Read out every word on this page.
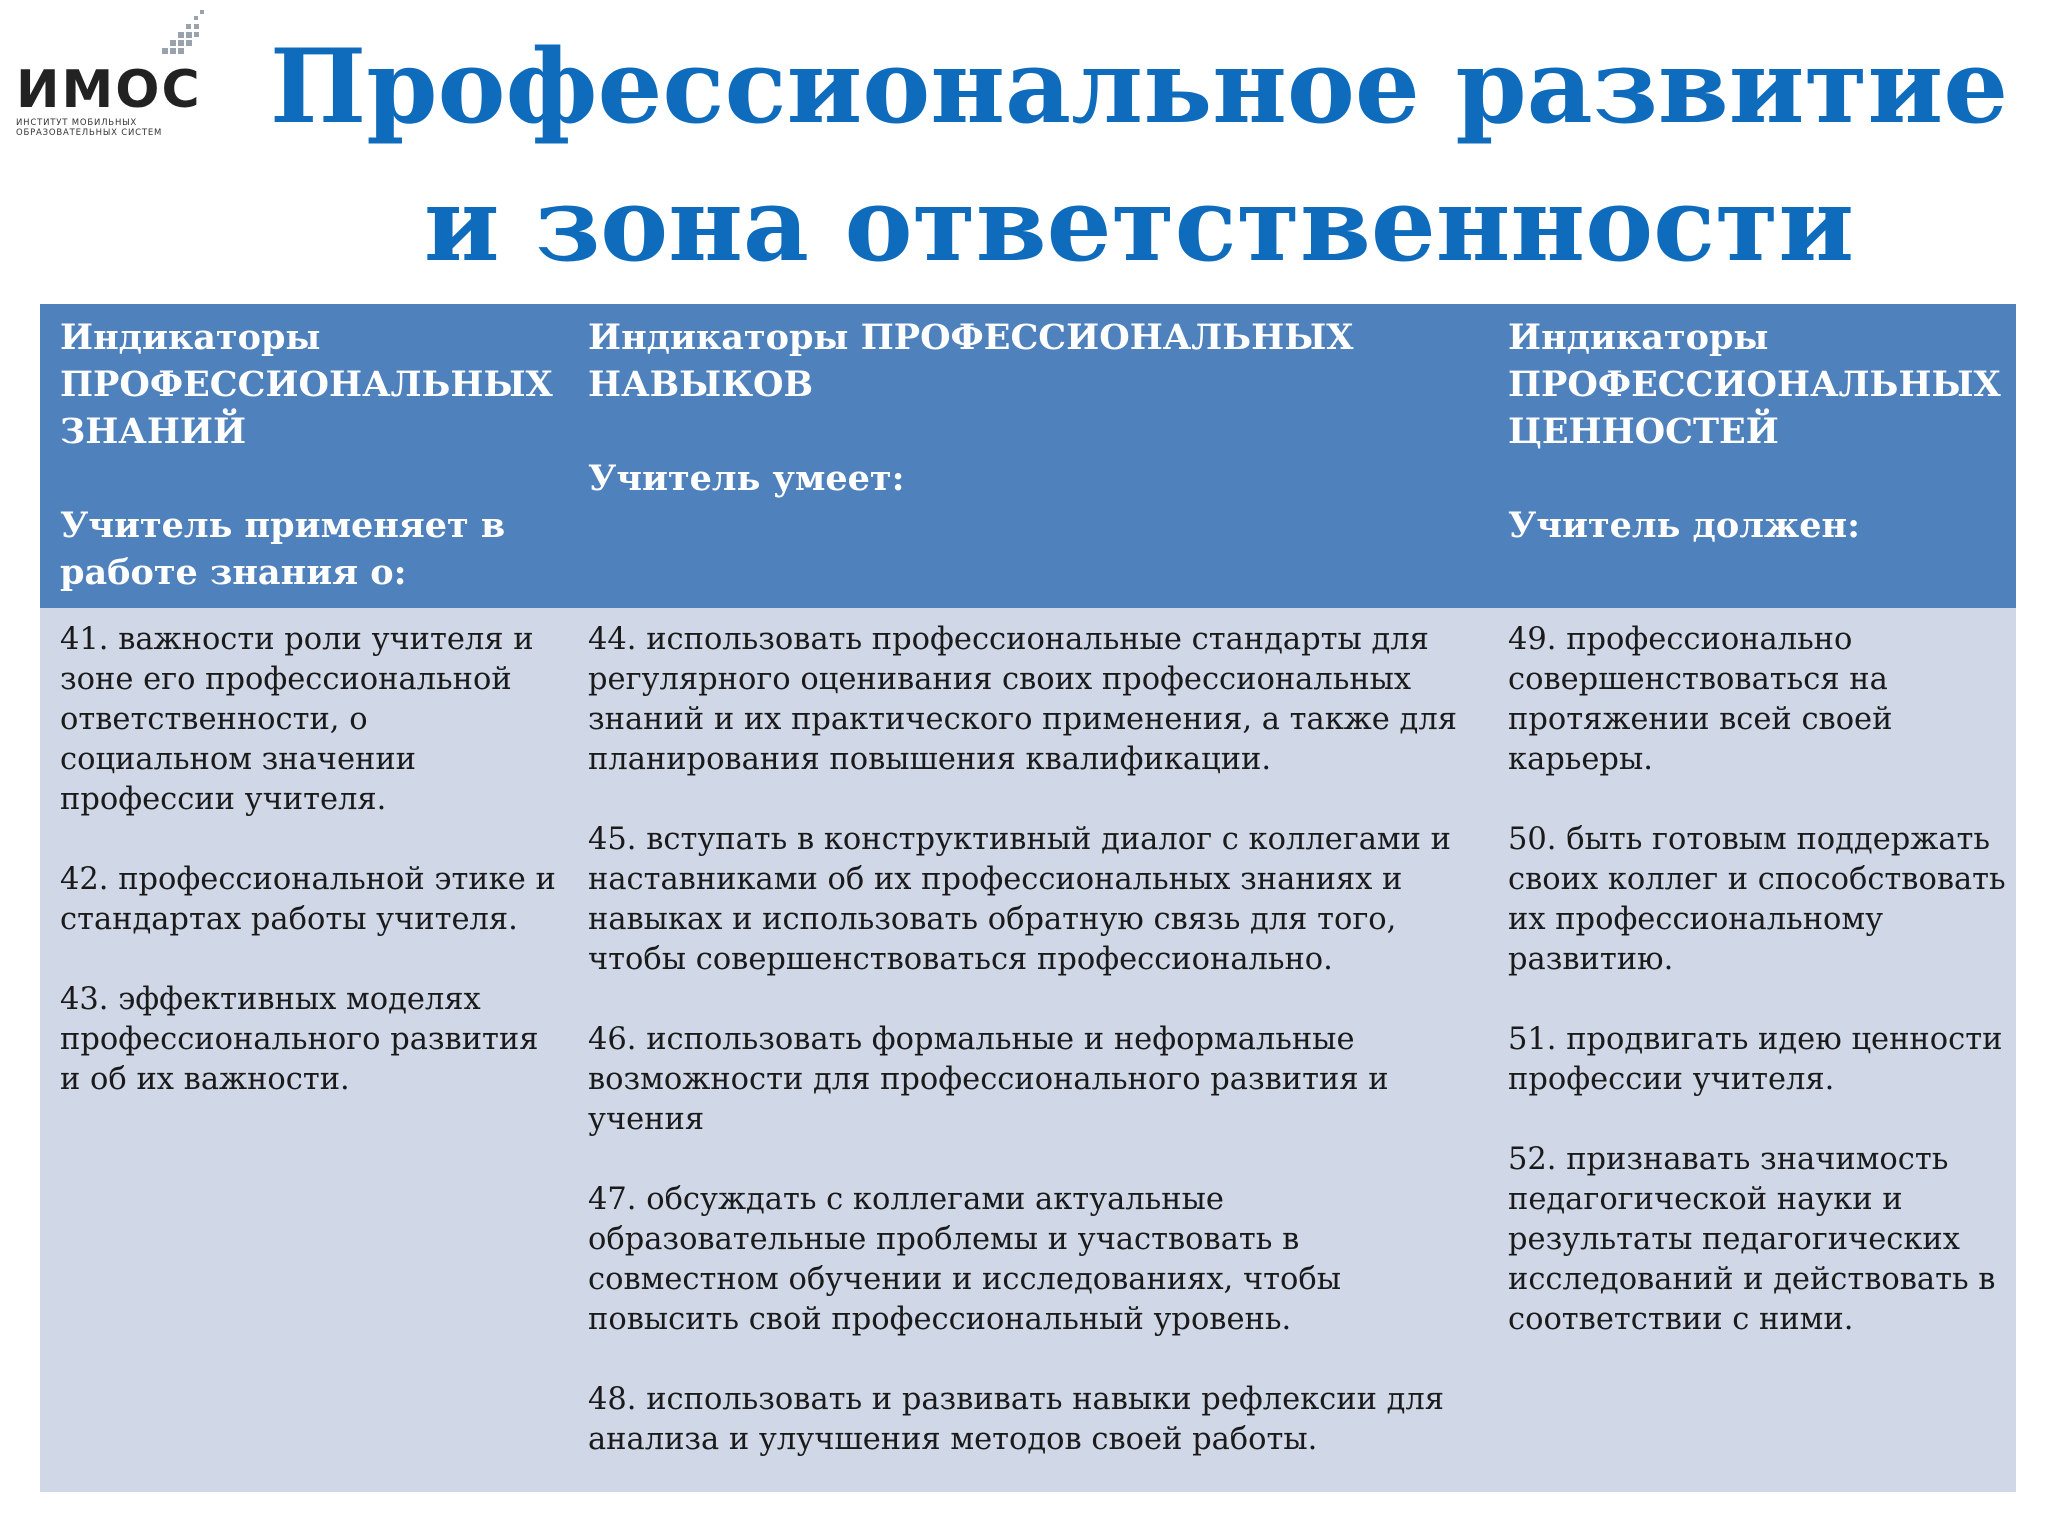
ИМОС
ИНСТИТУТ МОБИЛЬНЫХ
ОБРАЗОВАТЕЛЬНЫХ СИСТЕМ Профессиональное развитие
и зона ответственности
Индикаторы
ПРОФЕССИОНАЛЬНЫХ
ЗНАНИЙ
Учитель применяет в
работе знания о:
Индикаторы ПРОФЕССИОНАЛЬНЫХ
НАВЫКОВ
Учитель умеет:
Индикаторы
ПРОФЕССИОНАЛЬНЫХ
ЦЕННОСТЕЙ
Учитель должен:

41. важности роли учителя и зоне его профессиональной ответственности, о социальном значении профессии учителя.

42. профессиональной этике и стандартах работы учителя.

43. эффективных моделях профессионального развития и об их важности.

44. использовать профессиональные стандарты для регулярного оценивания своих профессиональных знаний и их практического применения, а также для планирования повышения квалификации.

45. вступать в конструктивный диалог с коллегами и наставниками об их профессиональных знаниях и навыках и использовать обратную связь для того, чтобы совершенствоваться профессионально.

46. использовать формальные и неформальные возможности для профессионального развития и учения

47. обсуждать с коллегами актуальные образовательные проблемы и участвовать в совместном обучении и исследованиях, чтобы повысить свой профессиональный уровень.

48. использовать и развивать навыки рефлексии для анализа и улучшения методов своей работы.

49. профессионально совершенствоваться на протяжении всей своей карьеры.

50. быть готовым поддержать своих коллег и способствовать их профессиональному развитию.

51. продвигать идею ценности профессии учителя.

52. признавать значимость педагогической науки и результаты педагогических исследований и действовать в соответствии с ними.
